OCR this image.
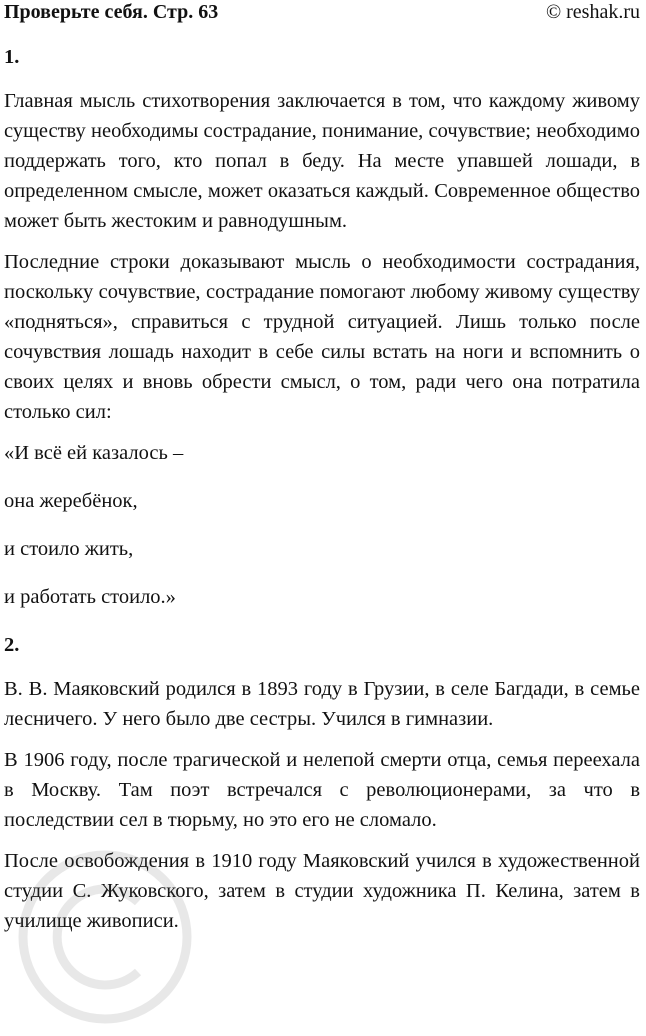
Проверьте себя. Стр. 63	© reshak.ru

1.

Главная мысль стихотворения заключается в том, что каждому живому существу необходимы сострадание, понимание, сочувствие; необходимо поддержать того, кто попал в беду. На месте упавшей лошади, в определенном смысле, может оказаться каждый. Современное общество может быть жестоким и равнодушным.

Последние строки доказывают мысль о необходимости сострадания, поскольку сочувствие, сострадание помогают любому живому существу «подняться», справиться с трудной ситуацией. Лишь только после сочувствия лошадь находит в себе силы встать на ноги и вспомнить о своих целях и вновь обрести смысл, о том, ради чего она потратила столько сил:

«И всё ей казалось –

она жеребёнок,

и стоило жить,

и работать стоило.»

2.

В. В. Маяковский родился в 1893 году в Грузии, в селе Багдади, в семье лесничего. У него было две сестры. Учился в гимназии.

В 1906 году, после трагической и нелепой смерти отца, семья переехала в Москву. Там поэт встречался с революционерами, за что в последствии сел в тюрьму, но это его не сломало.

После освобождения в 1910 году Маяковский учился в художественной студии С. Жуковского, затем в студии художника П. Келина, затем в училище живописи.
